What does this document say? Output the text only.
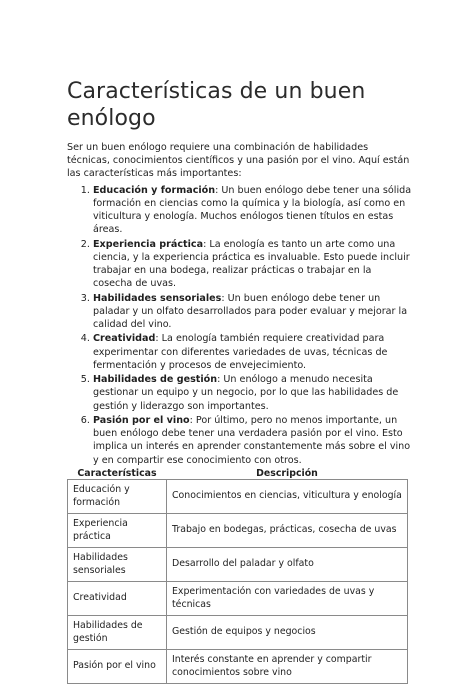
Características de un buen enólogo

Ser un buen enólogo requiere una combinación de habilidades técnicas, conocimientos científicos y una pasión por el vino. Aquí están las características más importantes:

1. Educación y formación: Un buen enólogo debe tener una sólida formación en ciencias como la química y la biología, así como en viticultura y enología. Muchos enólogos tienen títulos en estas áreas.
2. Experiencia práctica: La enología es tanto un arte como una ciencia, y la experiencia práctica es invaluable. Esto puede incluir trabajar en una bodega, realizar prácticas o trabajar en la cosecha de uvas.
3. Habilidades sensoriales: Un buen enólogo debe tener un paladar y un olfato desarrollados para poder evaluar y mejorar la calidad del vino.
4. Creatividad: La enología también requiere creatividad para experimentar con diferentes variedades de uvas, técnicas de fermentación y procesos de envejecimiento.
5. Habilidades de gestión: Un enólogo a menudo necesita gestionar un equipo y un negocio, por lo que las habilidades de gestión y liderazgo son importantes.
6. Pasión por el vino: Por último, pero no menos importante, un buen enólogo debe tener una verdadera pasión por el vino. Esto implica un interés en aprender constantemente más sobre el vino y en compartir ese conocimiento con otros.
Características	Descripción
Educación y formación	Conocimientos en ciencias, viticultura y enología
Experiencia práctica	Trabajo en bodegas, prácticas, cosecha de uvas
Habilidades sensoriales	Desarrollo del paladar y olfato
Creatividad	Experimentación con variedades de uvas y técnicas
Habilidades de gestión	Gestión de equipos y negocios
Pasión por el vino	Interés constante en aprender y compartir conocimientos sobre vino
